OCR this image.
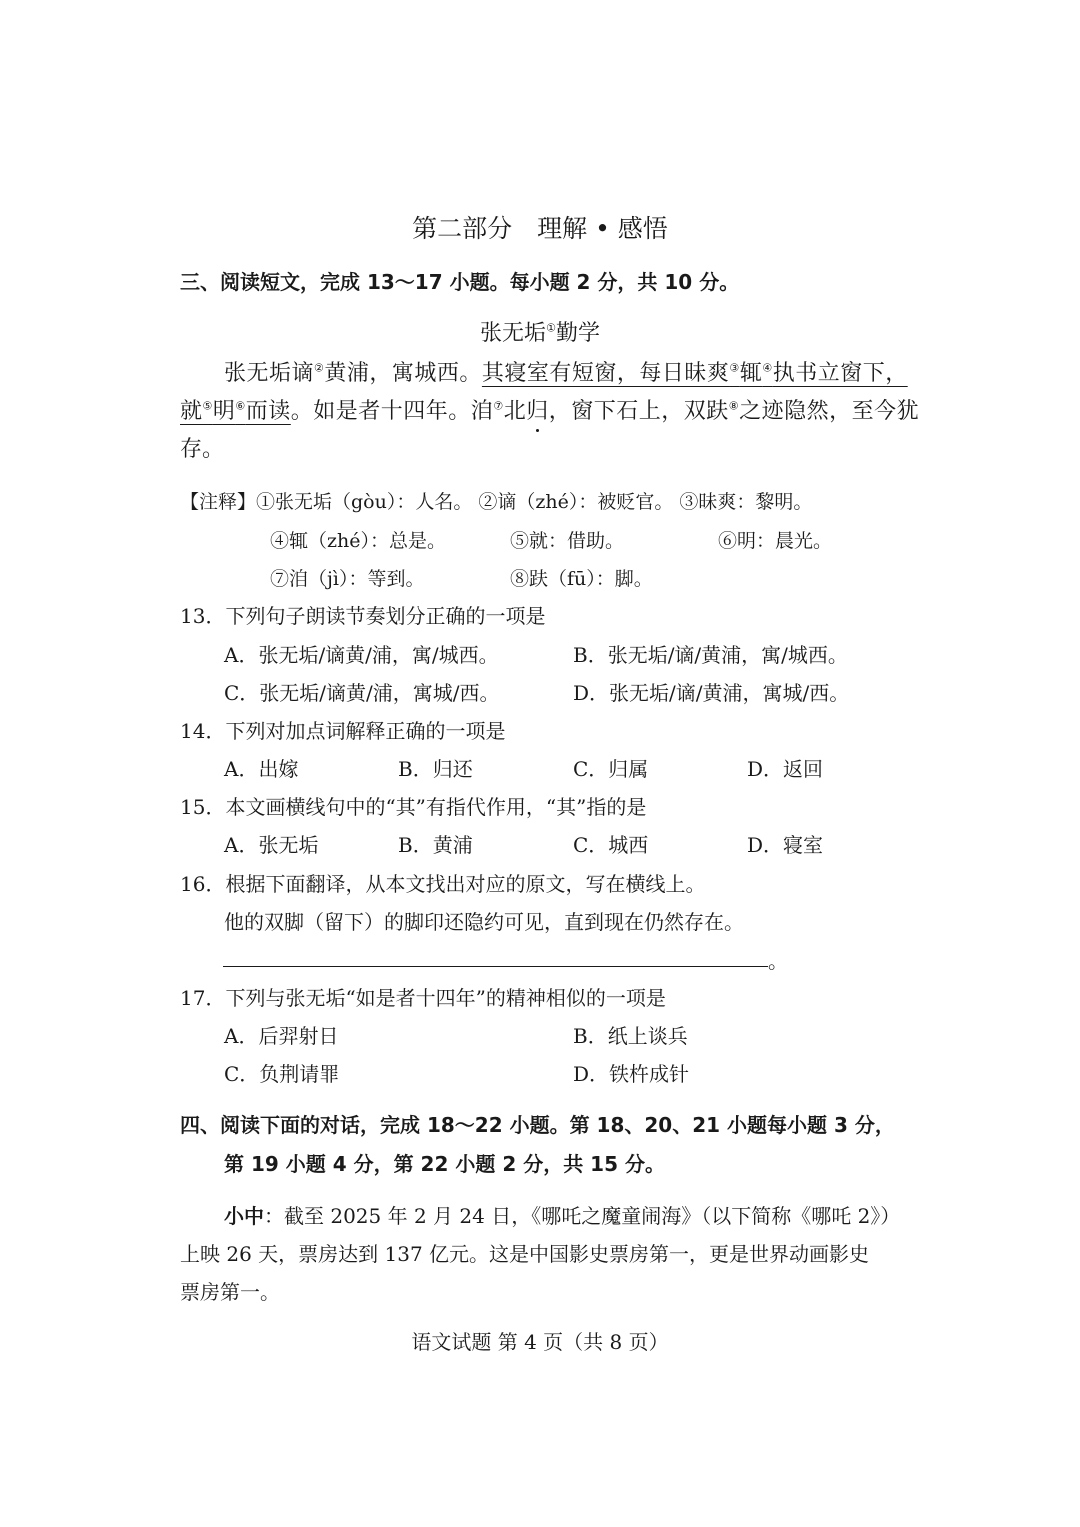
第二部分　理解 • 感悟
三、阅读短文，完成 13～17 小题。每小题 2 分，共 10 分。
张无垢①勤学
张无垢谪②黄浦，寓城西。其寝室有短窗，每日昧爽③辄④执书立窗下，
就⑤明⑥而读。如是者十四年。洎⑦北归，窗下石上，双趺⑧之迹隐然，至今犹
存。
【注释】①张无垢（gòu）：人名。 ②谪（zhé）：被贬官。 ③昧爽：黎明。
④辄（zhé）：总是。	⑤就：借助。	⑥明：晨光。
⑦洎（jì）：等到。	⑧趺（fū）：脚。
13．下列句子朗读节奏划分正确的一项是
A．张无垢/谪黄/浦，寓/城西。	B．张无垢/谪/黄浦，寓/城西。
C．张无垢/谪黄/浦，寓城/西。	D．张无垢/谪/黄浦，寓城/西。
14．下列对加点词解释正确的一项是
A．出嫁	B．归还	C．归属	D．返回
15．本文画横线句中的“其”有指代作用，“其”指的是
A．张无垢	B．黄浦	C．城西	D．寝室
16．根据下面翻译，从本文找出对应的原文，写在横线上。
他的双脚（留下）的脚印还隐约可见，直到现在仍然存在。
。
17．下列与张无垢“如是者十四年”的精神相似的一项是
A．后羿射日	B．纸上谈兵
C．负荆请罪	D．铁杵成针
四、阅读下面的对话，完成 18～22 小题。第 18、20、21 小题每小题 3 分，
第 19 小题 4 分，第 22 小题 2 分，共 15 分。
小中：截至 2025 年 2 月 24 日，《哪吒之魔童闹海》（以下简称《哪吒 2》）
上映 26 天，票房达到 137 亿元。这是中国影史票房第一，更是世界动画影史
票房第一。
语文试题 第 4 页（共 8 页）
